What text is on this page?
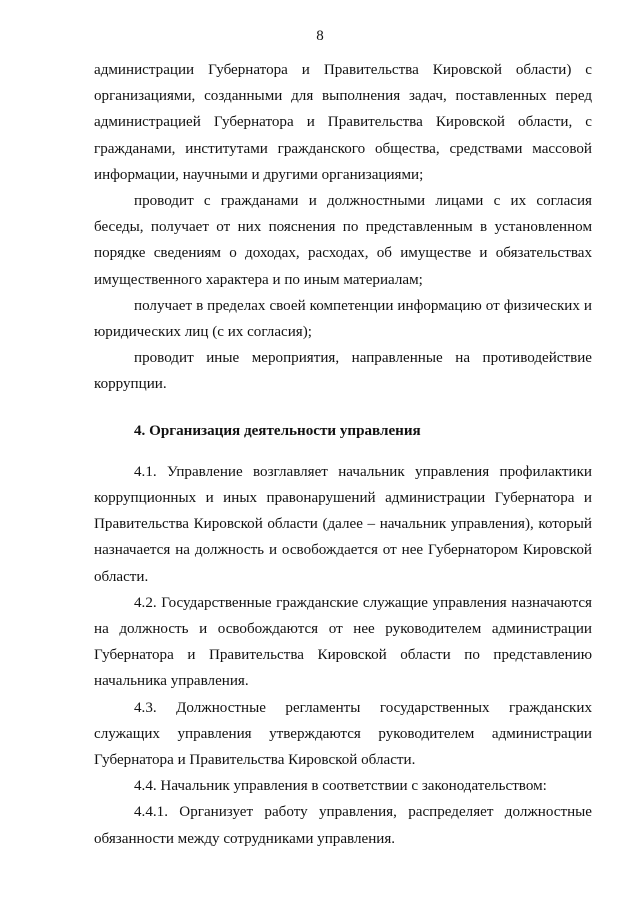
8

администрации Губернатора и Правительства Кировской области) с организациями, созданными для выполнения задач, поставленных перед администрацией Губернатора и Правительства Кировской области, с гражданами, институтами гражданского общества, средствами массовой информации, научными и другими организациями;

проводит с гражданами и должностными лицами с их согласия беседы, получает от них пояснения по представленным в установленном порядке сведениям о доходах, расходах, об имуществе и обязательствах имущественного характера и по иным материалам;

получает в пределах своей компетенции информацию от физических и юридических лиц (с их согласия);

проводит иные мероприятия, направленные на противодействие коррупции.

4. Организация деятельности управления

4.1. Управление возглавляет начальник управления профилактики коррупционных и иных правонарушений администрации Губернатора и Правительства Кировской области (далее – начальник управления), который назначается на должность и освобождается от нее Губернатором Кировской области.

4.2. Государственные гражданские служащие управления назначаются на должность и освобождаются от нее руководителем администрации Губернатора и Правительства Кировской области по представлению начальника управления.

4.3. Должностные регламенты государственных гражданских служащих управления утверждаются руководителем администрации Губернатора и Правительства Кировской области.

4.4. Начальник управления в соответствии с законодательством:

4.4.1. Организует работу управления, распределяет должностные обязанности между сотрудниками управления.
